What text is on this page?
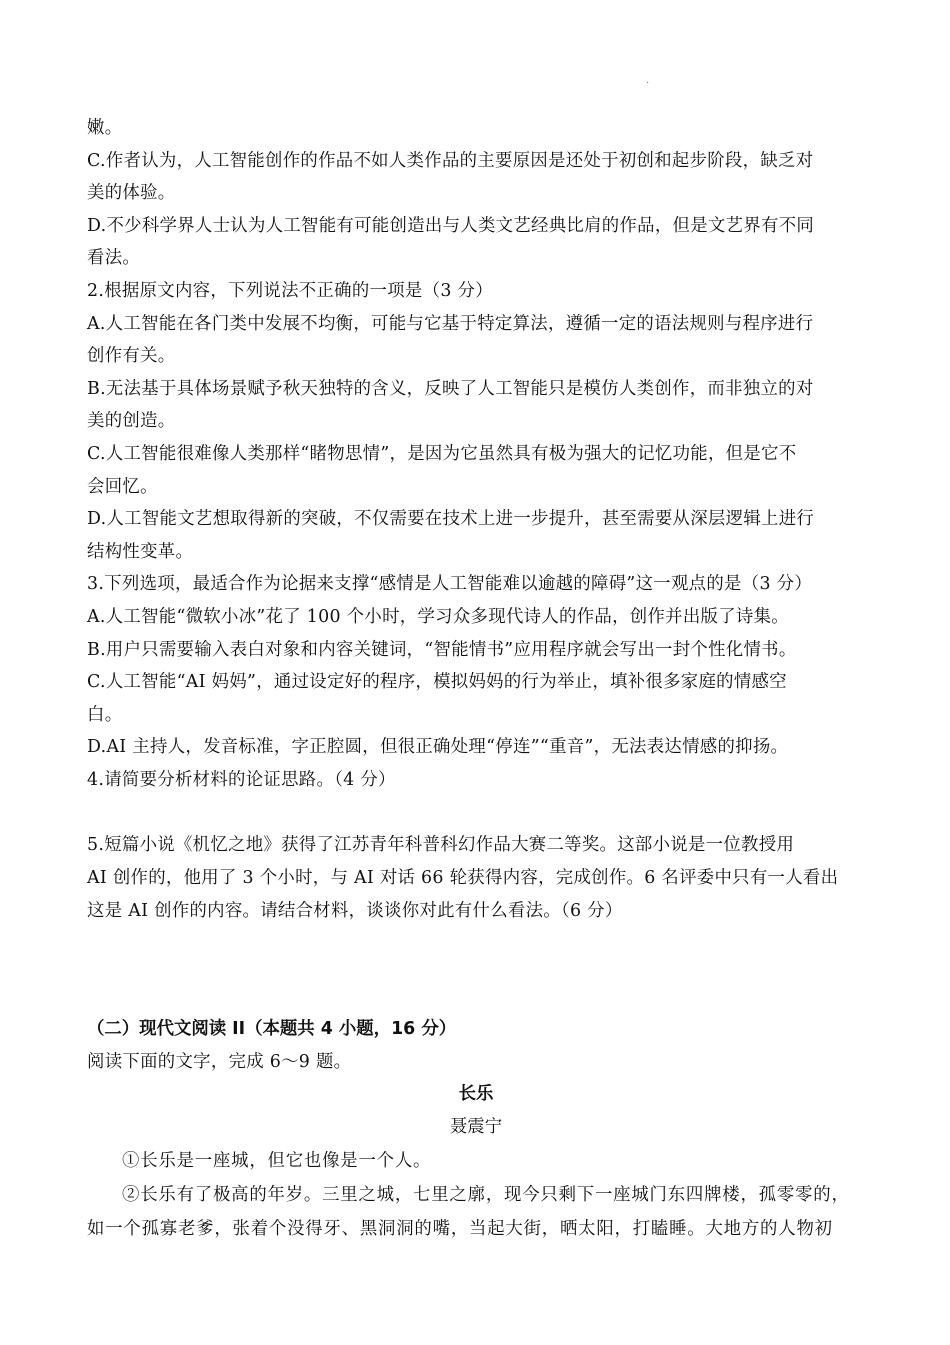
.
嫩。
C.作者认为，人工智能创作的作品不如人类作品的主要原因是还处于初创和起步阶段，缺乏对
美的体验。
D.不少科学界人士认为人工智能有可能创造出与人类文艺经典比肩的作品，但是文艺界有不同
看法。
2.根据原文内容，下列说法不正确的一项是（3 分）
A.人工智能在各门类中发展不均衡，可能与它基于特定算法，遵循一定的语法规则与程序进行
创作有关。
B.无法基于具体场景赋予秋天独特的含义，反映了人工智能只是模仿人类创作，而非独立的对
美的创造。
C.人工智能很难像人类那样“睹物思情”，是因为它虽然具有极为强大的记忆功能，但是它不
会回忆。
D.人工智能文艺想取得新的突破，不仅需要在技术上进一步提升，甚至需要从深层逻辑上进行
结构性变革。
3.下列选项，最适合作为论据来支撑“感情是人工智能难以逾越的障碍”这一观点的是（3 分）
A.人工智能“微软小冰”花了 100 个小时，学习众多现代诗人的作品，创作并出版了诗集。
B.用户只需要输入表白对象和内容关键词，“智能情书”应用程序就会写出一封个性化情书。
C.人工智能“AI 妈妈”，通过设定好的程序，模拟妈妈的行为举止，填补很多家庭的情感空
白。
D.AI 主持人，发音标准，字正腔圆，但很正确处理“停连”“重音”，无法表达情感的抑扬。
4.请简要分析材料的论证思路。（4 分）
5.短篇小说《机忆之地》获得了江苏青年科普科幻作品大赛二等奖。这部小说是一位教授用
AI 创作的，他用了 3 个小时，与 AI 对话 66 轮获得内容，完成创作。6 名评委中只有一人看出
这是 AI 创作的内容。请结合材料，谈谈你对此有什么看法。（6 分）
（二）现代文阅读 II（本题共 4 小题，16 分）
阅读下面的文字，完成 6～9 题。
长乐
聂震宁
①长乐是一座城，但它也像是一个人。
②长乐有了极高的年岁。三里之城，七里之廓，现今只剩下一座城门东四牌楼，孤零零的，
如一个孤寡老爹，张着个没得牙、黑洞洞的嘴，当起大街，晒太阳，打瞌睡。大地方的人物初
